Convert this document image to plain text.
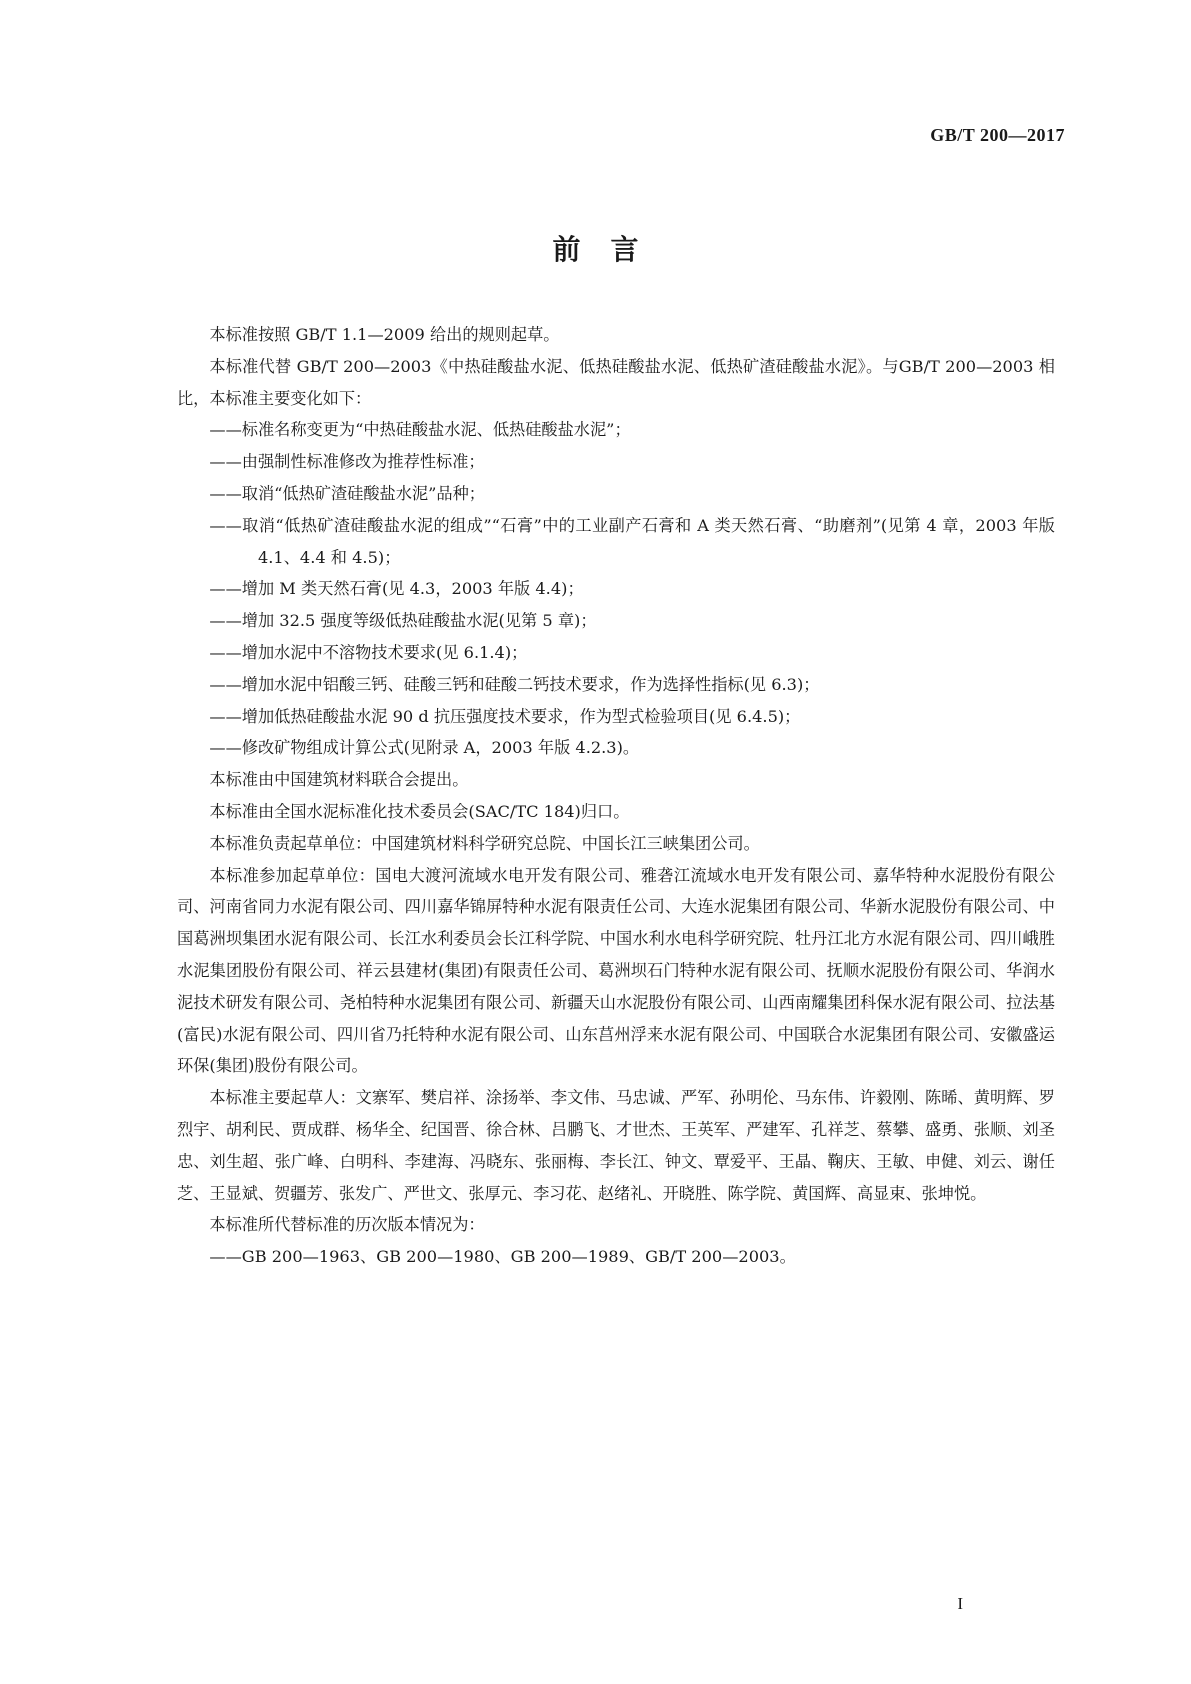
GB/T 200—2017
前言

本标准按照 GB/T 1.1—2009 给出的规则起草。

本标准代替 GB/T 200—2003《中热硅酸盐水泥、低热硅酸盐水泥、低热矿渣硅酸盐水泥》。与GB/T 200—2003 相比，本标准主要变化如下：

——标准名称变更为“中热硅酸盐水泥、低热硅酸盐水泥”；

——由强制性标准修改为推荐性标准；

——取消“低热矿渣硅酸盐水泥”品种；

——取消“低热矿渣硅酸盐水泥的组成”“石膏”中的工业副产石膏和 A 类天然石膏、“助磨剂”(见第 4 章，2003 年版 4.1、4.4 和 4.5)；

——增加 M 类天然石膏(见 4.3，2003 年版 4.4)；

——增加 32.5 强度等级低热硅酸盐水泥(见第 5 章)；

——增加水泥中不溶物技术要求(见 6.1.4)；

——增加水泥中铝酸三钙、硅酸三钙和硅酸二钙技术要求，作为选择性指标(见 6.3)；

——增加低热硅酸盐水泥 90 d 抗压强度技术要求，作为型式检验项目(见 6.4.5)；

——修改矿物组成计算公式(见附录 A，2003 年版 4.2.3)。

本标准由中国建筑材料联合会提出。

本标准由全国水泥标准化技术委员会(SAC/TC 184)归口。

本标准负责起草单位：中国建筑材料科学研究总院、中国长江三峡集团公司。

本标准参加起草单位：国电大渡河流域水电开发有限公司、雅砻江流域水电开发有限公司、嘉华特种水泥股份有限公司、河南省同力水泥有限公司、四川嘉华锦屏特种水泥有限责任公司、大连水泥集团有限公司、华新水泥股份有限公司、中国葛洲坝集团水泥有限公司、长江水利委员会长江科学院、中国水利水电科学研究院、牡丹江北方水泥有限公司、四川峨胜水泥集团股份有限公司、祥云县建材(集团)有限责任公司、葛洲坝石门特种水泥有限公司、抚顺水泥股份有限公司、华润水泥技术研发有限公司、尧柏特种水泥集团有限公司、新疆天山水泥股份有限公司、山西南耀集团科保水泥有限公司、拉法基(富民)水泥有限公司、四川省乃托特种水泥有限公司、山东莒州浮来水泥有限公司、中国联合水泥集团有限公司、安徽盛运环保(集团)股份有限公司。

本标准主要起草人：文寨军、樊启祥、涂扬举、李文伟、马忠诚、严军、孙明伦、马东伟、许毅刚、陈晞、黄明辉、罗烈宇、胡利民、贾成群、杨华全、纪国晋、徐合林、吕鹏飞、才世杰、王英军、严建军、孔祥芝、蔡攀、盛勇、张顺、刘圣忠、刘生超、张广峰、白明科、李建海、冯晓东、张丽梅、李长江、钟文、覃爱平、王晶、鞠庆、王敏、申健、刘云、谢任芝、王显斌、贺疆芳、张发广、严世文、张厚元、李习花、赵绪礼、开晓胜、陈学院、黄国辉、高显束、张坤悦。

本标准所代替标准的历次版本情况为：

——GB 200—1963、GB 200—1980、GB 200—1989、GB/T 200—2003。

I
